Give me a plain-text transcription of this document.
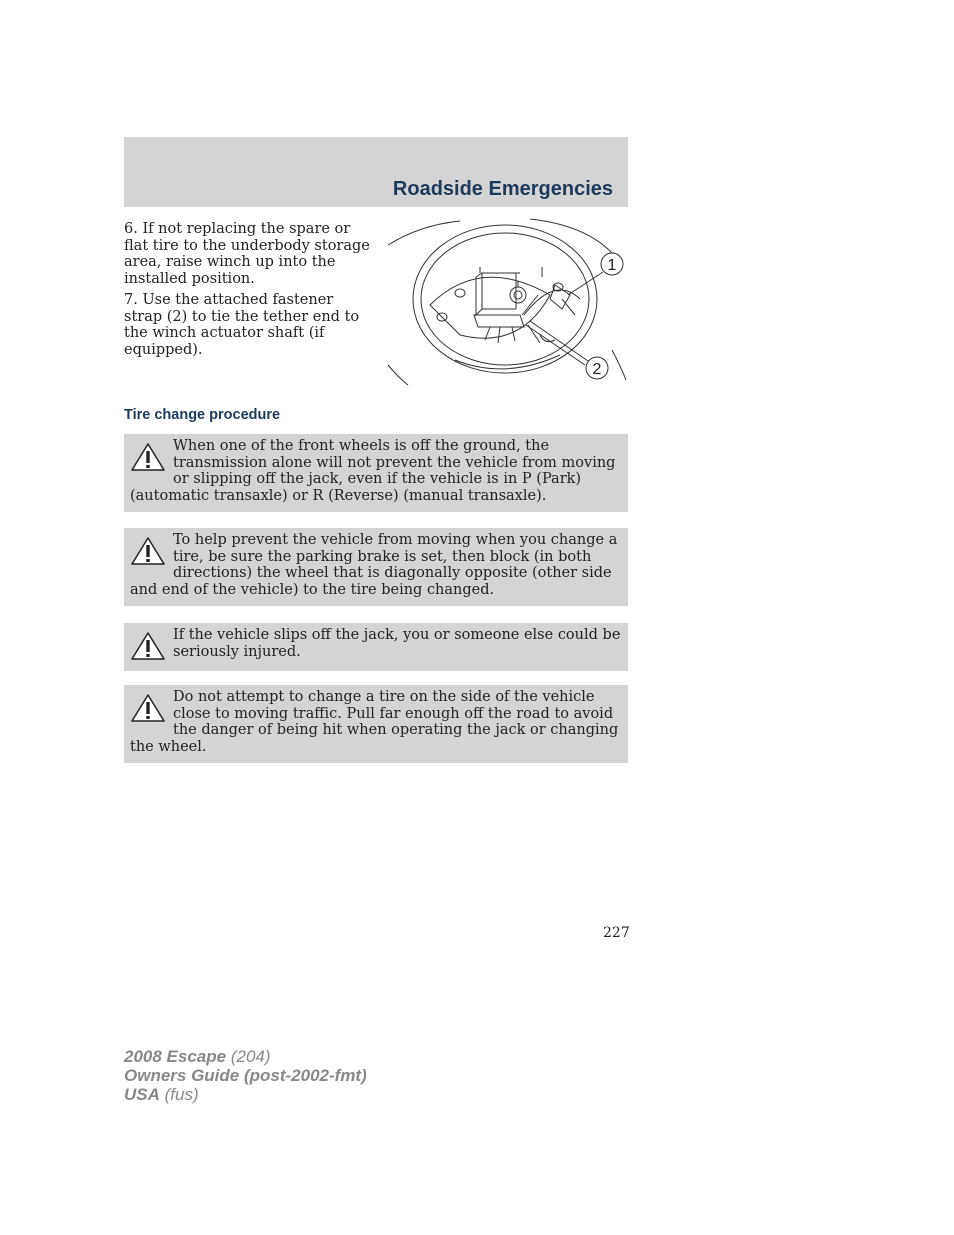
Roadside Emergencies

6. If not replacing the spare or flat tire to the underbody storage area, raise winch up into the installed position.

7. Use the attached fastener strap (2) to tie the tether end to the winch actuator shaft (if equipped).

1
2
Tire change procedure
When one of the front wheels is off the ground, the transmission alone will not prevent the vehicle from moving or slipping off the jack, even if the vehicle is in P (Park) (automatic transaxle) or R (Reverse) (manual transaxle).
To help prevent the vehicle from moving when you change a tire, be sure the parking brake is set, then block (in both directions) the wheel that is diagonally opposite (other side and end of the vehicle) to the tire being changed.
If the vehicle slips off the jack, you or someone else could be seriously injured.
Do not attempt to change a tire on the side of the vehicle close to moving traffic. Pull far enough off the road to avoid the danger of being hit when operating the jack or changing the wheel.
227
2008 Escape (204)
Owners Guide (post-2002-fmt)
USA (fus)
